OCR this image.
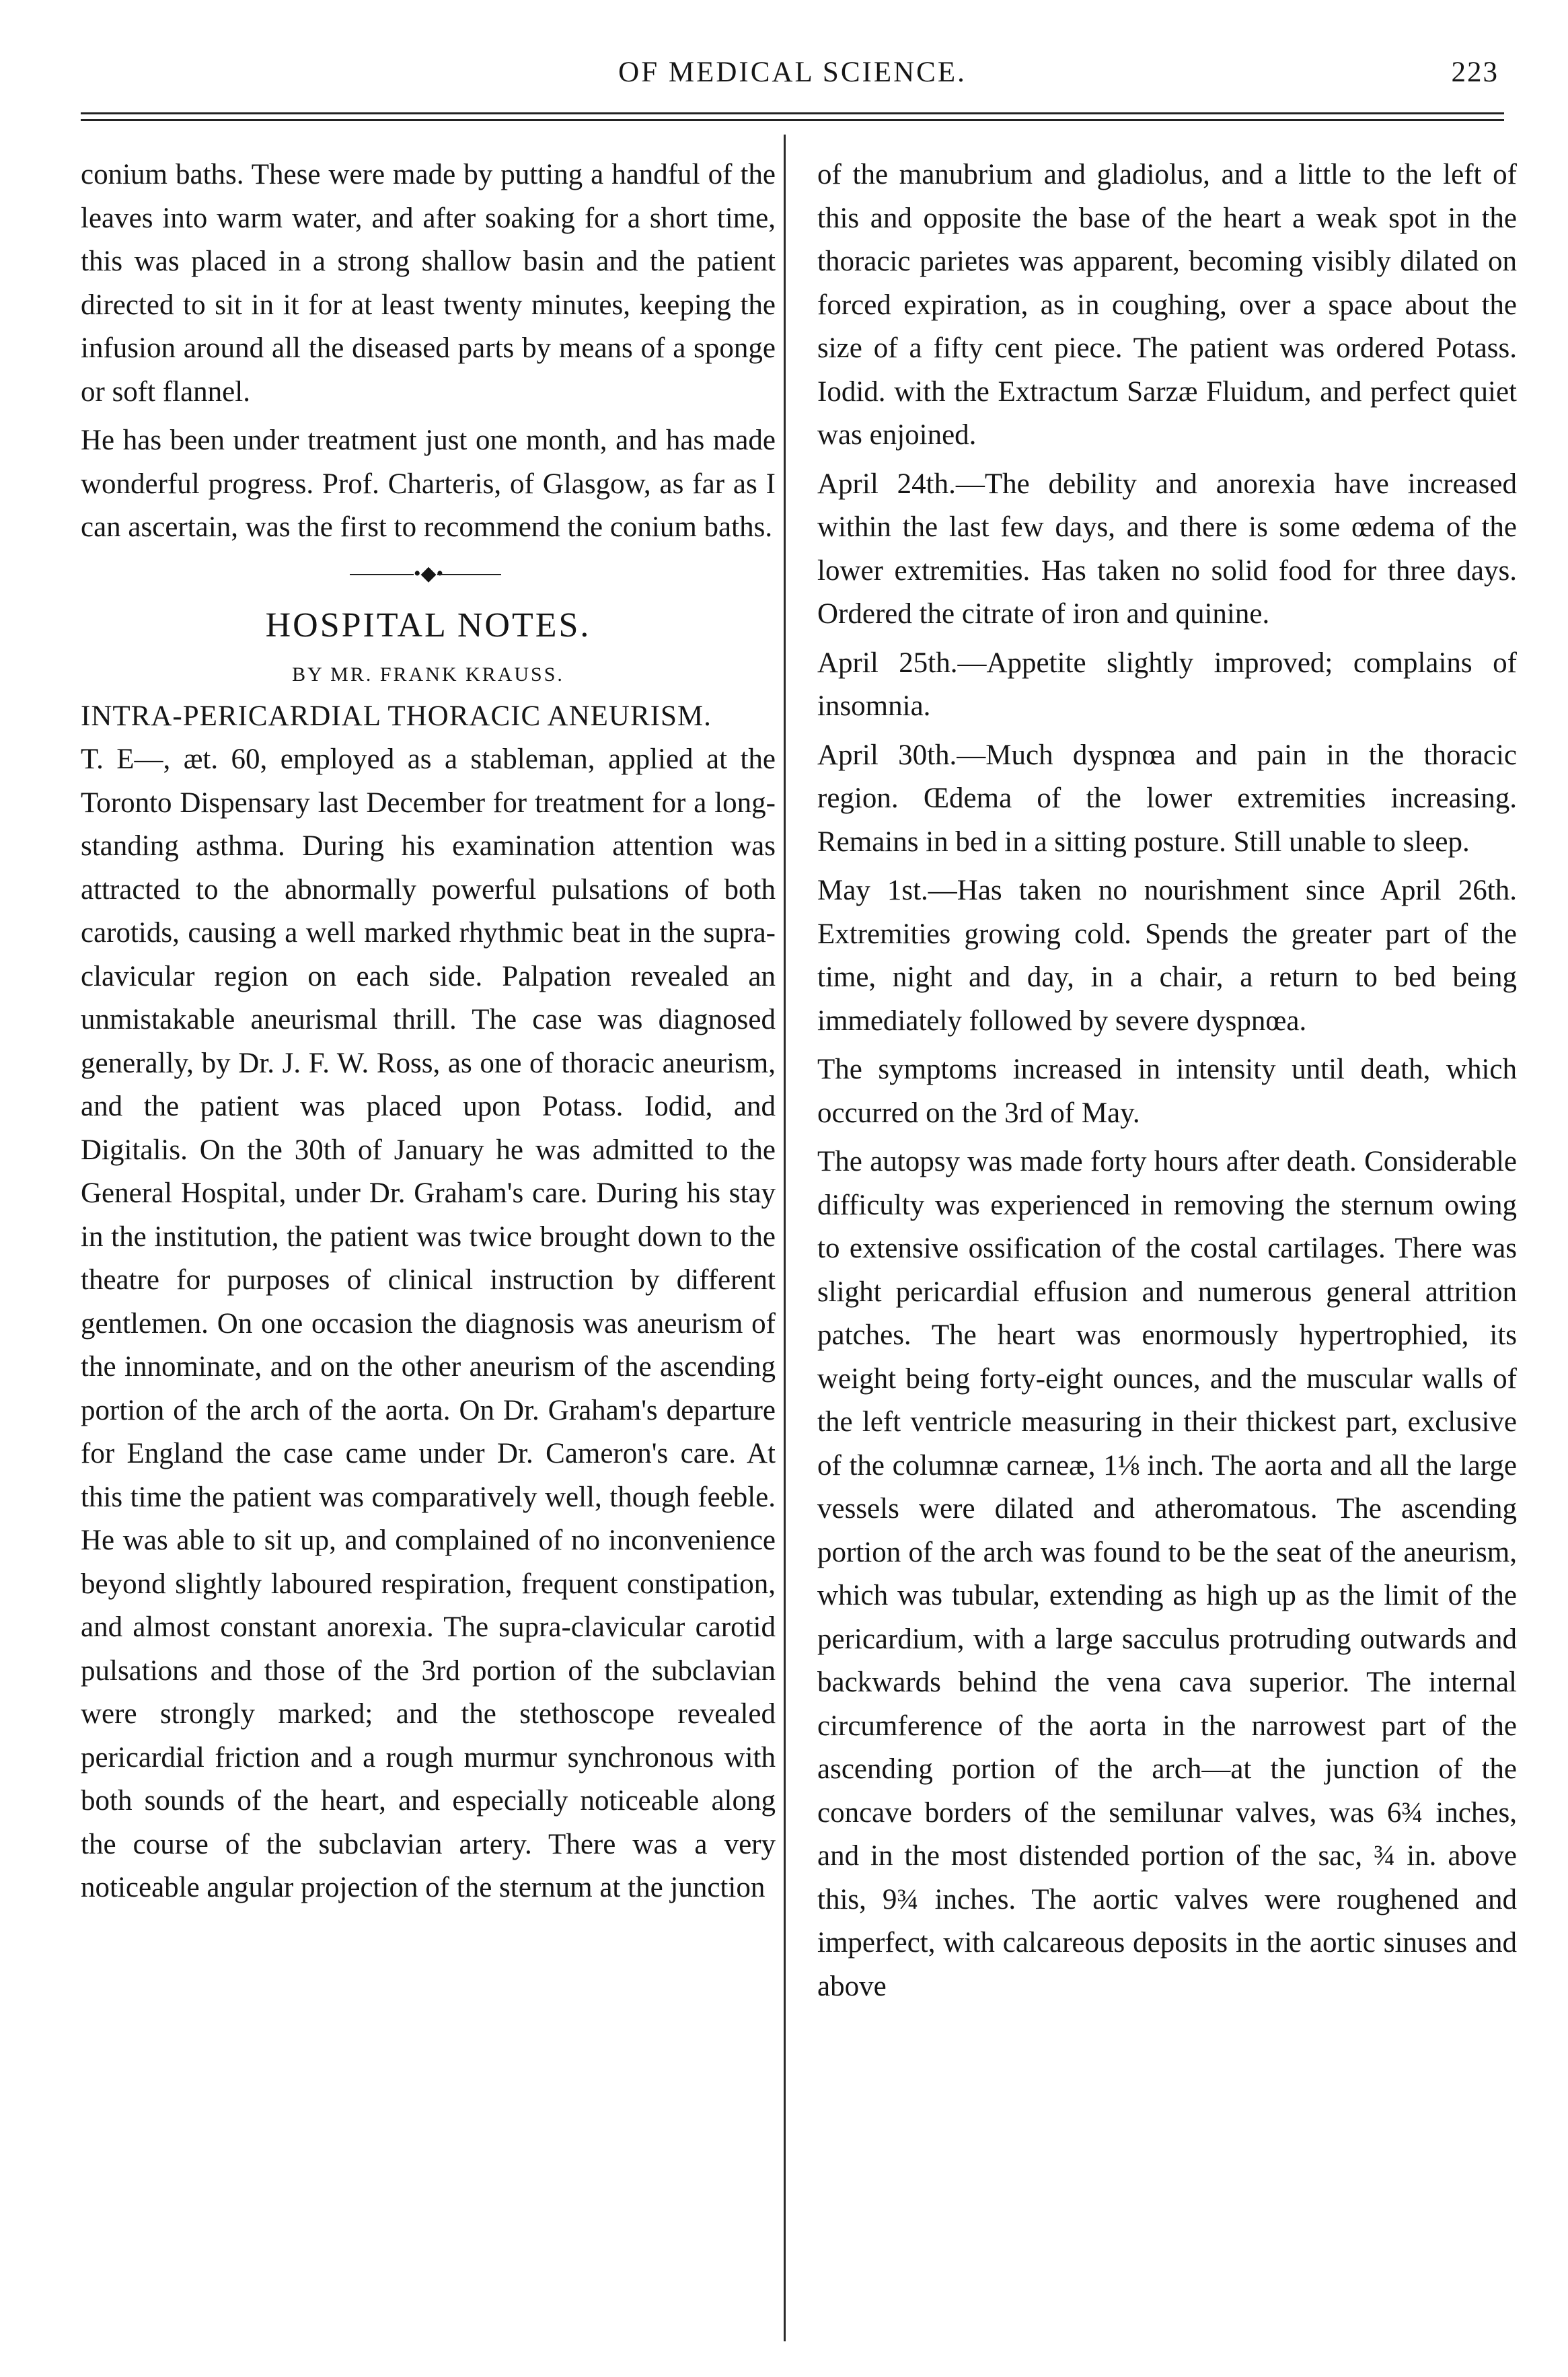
OF MEDICAL SCIENCE.	223

conium baths. These were made by putting a handful of the leaves into warm water, and after soaking for a short time, this was placed in a strong shallow basin and the patient directed to sit in it for at least twenty minutes, keeping the infusion around all the diseased parts by means of a sponge or soft flannel.

He has been under treatment just one month, and has made wonderful progress. Prof. Charteris, of Glasgow, as far as I can ascertain, was the first to recommend the conium baths.

•◆•
HOSPITAL NOTES.
BY MR. FRANK KRAUSS.
INTRA-PERICARDIAL THORACIC ANEURISM.

T. E—, æt. 60, employed as a stableman, applied at the Toronto Dispensary last December for treatment for a long-standing asthma. During his examination attention was attracted to the abnormally powerful pulsations of both carotids, causing a well marked rhythmic beat in the supra-clavicular region on each side. Palpation revealed an unmistakable aneurismal thrill. The case was diagnosed generally, by Dr. J. F. W. Ross, as one of thoracic aneurism, and the patient was placed upon Potass. Iodid, and Digitalis. On the 30th of January he was admitted to the General Hospital, under Dr. Graham's care. During his stay in the institution, the patient was twice brought down to the theatre for purposes of clinical instruction by different gentlemen. On one occasion the diagnosis was aneurism of the innominate, and on the other aneurism of the ascending portion of the arch of the aorta. On Dr. Graham's departure for England the case came under Dr. Cameron's care. At this time the patient was comparatively well, though feeble. He was able to sit up, and complained of no inconvenience beyond slightly laboured respiration, frequent constipation, and almost constant anorexia. The supra-clavicular carotid pulsations and those of the 3rd portion of the subclavian were strongly marked; and the stethoscope revealed pericardial friction and a rough murmur synchronous with both sounds of the heart, and especially noticeable along the course of the subclavian artery. There was a very noticeable angular projection of the sternum at the junction

of the manubrium and gladiolus, and a little to the left of this and opposite the base of the heart a weak spot in the thoracic parietes was apparent, becoming visibly dilated on forced expiration, as in coughing, over a space about the size of a fifty cent piece. The patient was ordered Potass. Iodid. with the Extractum Sarzæ Fluidum, and perfect quiet was enjoined.

April 24th.—The debility and anorexia have increased within the last few days, and there is some œdema of the lower extremities. Has taken no solid food for three days. Ordered the citrate of iron and quinine.

April 25th.—Appetite slightly improved; complains of insomnia.

April 30th.—Much dyspnœa and pain in the thoracic region. Œdema of the lower extremities increasing. Remains in bed in a sitting posture. Still unable to sleep.

May 1st.—Has taken no nourishment since April 26th. Extremities growing cold. Spends the greater part of the time, night and day, in a chair, a return to bed being immediately followed by severe dyspnœa.

The symptoms increased in intensity until death, which occurred on the 3rd of May.

The autopsy was made forty hours after death. Considerable difficulty was experienced in removing the sternum owing to extensive ossification of the costal cartilages. There was slight pericardial effusion and numerous general attrition patches. The heart was enormously hypertrophied, its weight being forty-eight ounces, and the muscular walls of the left ventricle measuring in their thickest part, exclusive of the columnæ carneæ, 1⅛ inch. The aorta and all the large vessels were dilated and atheromatous. The ascending portion of the arch was found to be the seat of the aneurism, which was tubular, extending as high up as the limit of the pericardium, with a large sacculus protruding outwards and backwards behind the vena cava superior. The internal circumference of the aorta in the narrowest part of the ascending portion of the arch—at the junction of the concave borders of the semilunar valves, was 6¾ inches, and in the most distended portion of the sac, ¾ in. above this, 9¾ inches. The aortic valves were roughened and imperfect, with calcareous deposits in the aortic sinuses and above
